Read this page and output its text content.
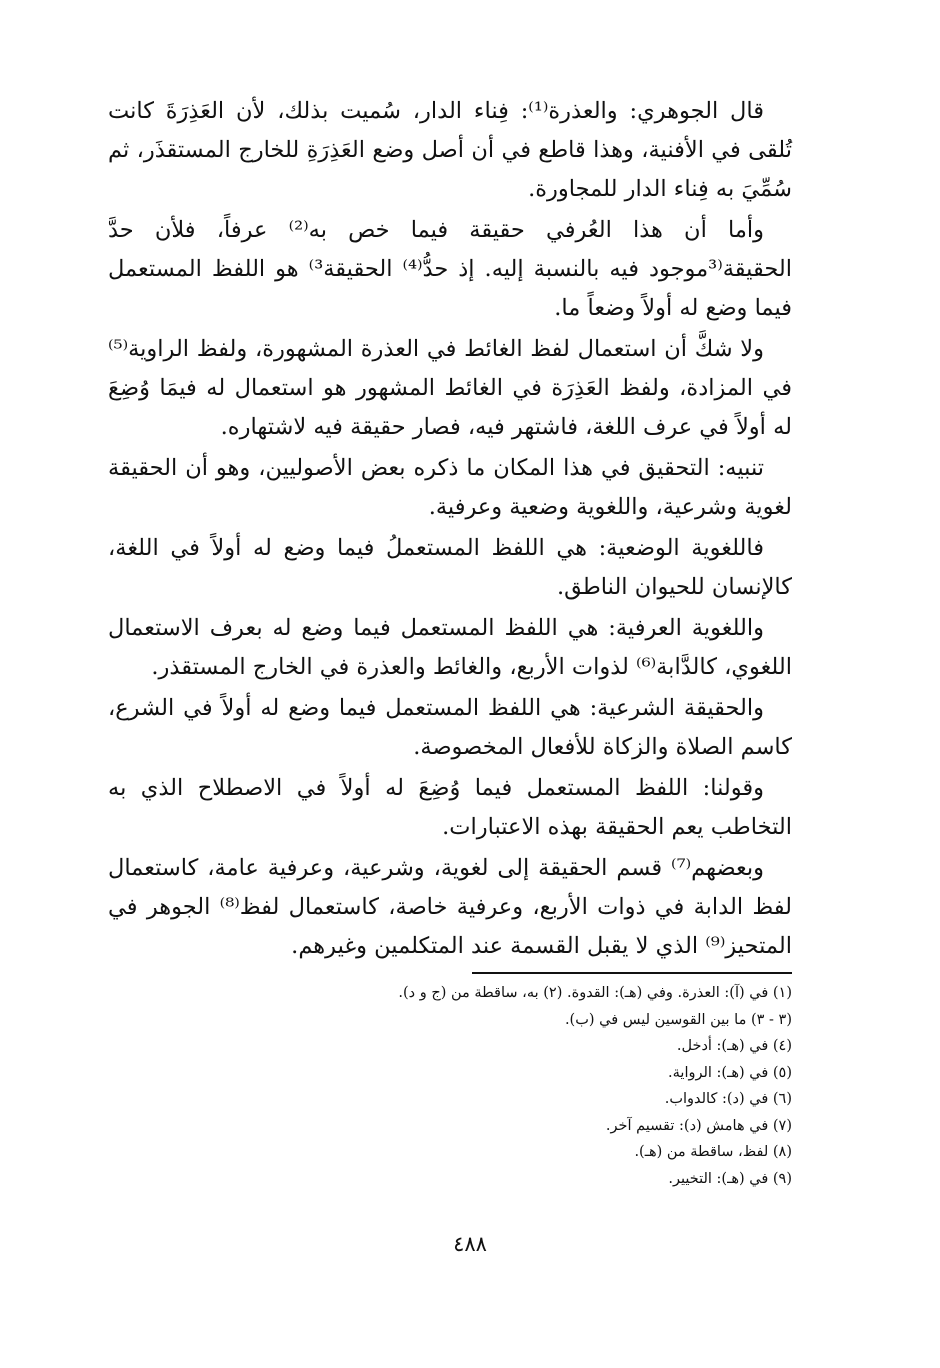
قال الجوهري: والعذرة⁽¹⁾: فِناء الدار، سُميت بذلك، لأن العَذِرَةَ كانت تُلقى في الأفنية، وهذا قاطع في أن أصل وضع العَذِرَةِ للخارج المستقذَر، ثم سُمِّيَ به فِناء الدار للمجاورة.

وأما أن هذا العُرفي حقيقة فيما خص به⁽²⁾ عرفاً، فلأن حدَّ الحقيقة⁽³موجود فيه بالنسبة إليه. إذ حدُّ⁽⁴⁾ الحقيقة³⁾ هو اللفظ المستعمل فيما وضع له أولاً وضعاً ما.

ولا شكَّ أن استعمال لفظ الغائط في العذرة المشهورة، ولفظ الراوية⁽⁵⁾ في المزادة، ولفظ العَذِرَة في الغائط المشهور هو استعمال له فيمَا وُضِعَ له أولاً في عرف اللغة، فاشتهر فيه، فصار حقيقة فيه لاشتهاره.

تنبيه: التحقيق في هذا المكان ما ذكره بعض الأصوليين، وهو أن الحقيقة لغوية وشرعية، واللغوية وضعية وعرفية.

فاللغوية الوضعية: هي اللفظ المستعملُ فيما وضع له أولاً في اللغة، كالإنسان للحيوان الناطق.

واللغوية العرفية: هي اللفظ المستعمل فيما وضع له بعرف الاستعمال اللغوي، كالدَّابة⁽⁶⁾ لذوات الأربع، والغائط والعذرة في الخارج المستقذر.

والحقيقة الشرعية: هي اللفظ المستعمل فيما وضع له أولاً في الشرع، كاسم الصلاة والزكاة للأفعال المخصوصة.

وقولنا: اللفظ المستعمل فيما وُضِعَ له أولاً في الاصطلاح الذي به التخاطب يعم الحقيقة بهذه الاعتبارات.

وبعضهم⁽⁷⁾ قسم الحقيقة إلى لغوية، وشرعية، وعرفية عامة، كاستعمال لفظ الدابة في ذوات الأربع، وعرفية خاصة، كاستعمال لفظ⁽⁸⁾ الجوهر في المتحيز⁽⁹⁾ الذي لا يقبل القسمة عند المتكلمين وغيرهم.

(١) في (آ): العذرة. وفي (هـ): القدوة. (٢) به، ساقطة من (ج و د).

(٣ - ٣) ما بين القوسين ليس في (ب).

(٤) في (هـ): أدخل.

(٥) في (هـ): الرواية.

(٦) في (د): كالدواب.

(٧) في هامش (د): تقسيم آخر.

(٨) لفظ، ساقطة من (هـ).

(٩) في (هـ): التخيير.

٤٨٨
